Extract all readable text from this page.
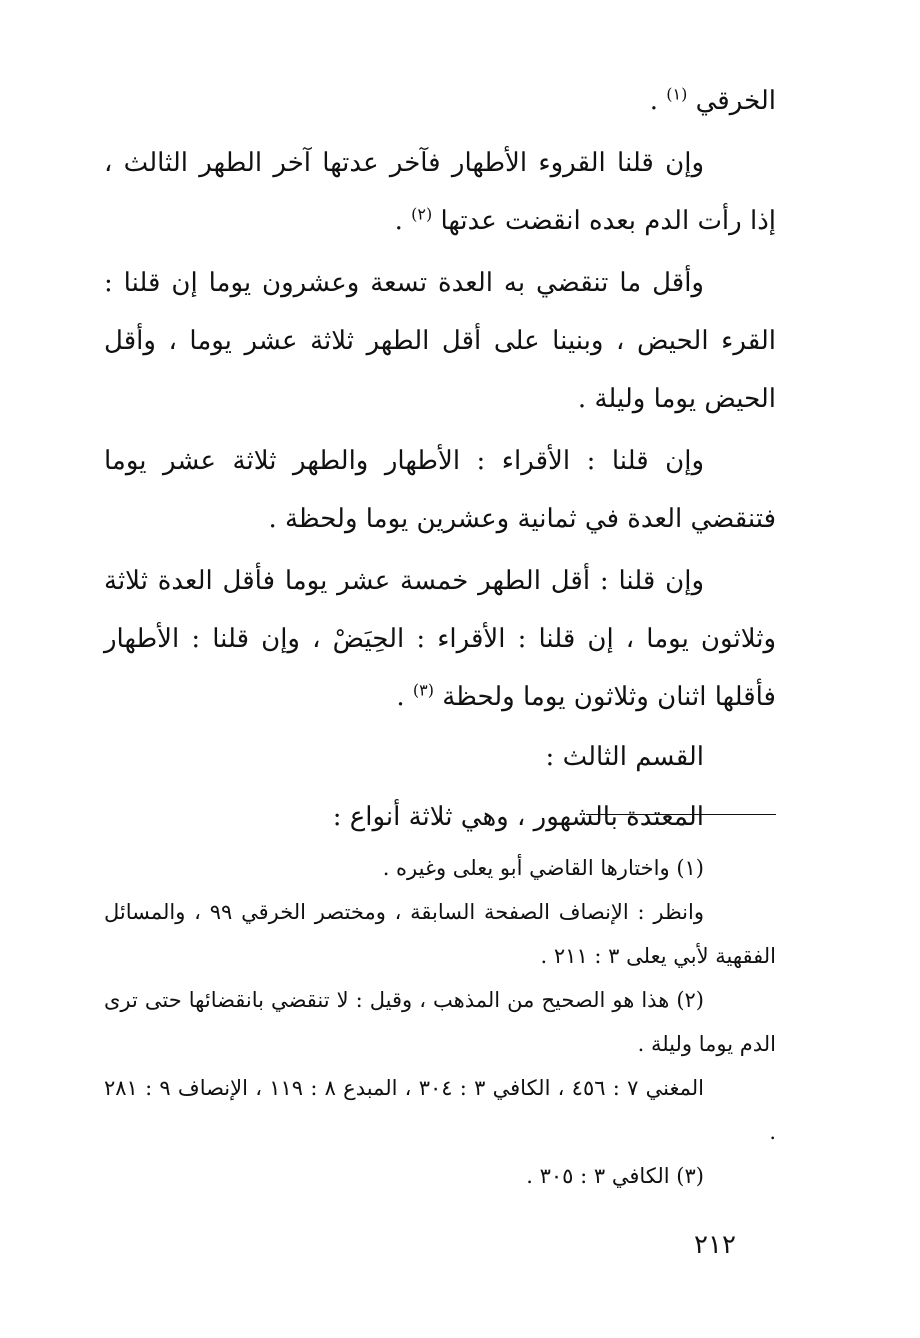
الخرقي $^{(١)}$ .

وإن قلنا القروء الأطهار فآخر عدتها آخر الطهر الثالث ، إذا رأت الدم بعده انقضت عدتها $^{(٢)}$ .

وأقل ما تنقضي به العدة تسعة وعشرون يوما إن قلنا : القرء الحيض ، وبنينا على أقل الطهر ثلاثة عشر يوما ، وأقل الحيض يوما وليلة .

وإن قلنا : الأقراء : الأطهار والطهر ثلاثة عشر يوما فتنقضي العدة في ثمانية وعشرين يوما ولحظة .

وإن قلنا : أقل الطهر خمسة عشر يوما فأقل العدة ثلاثة وثلاثون يوما ، إن قلنا : الأقراء : الحِيَضْ ، وإن قلنا : الأطهار فأقلها اثنان وثلاثون يوما ولحظة $^{(٣)}$ .

القسم الثالث :

المعتدة بالشهور ، وهي ثلاثة أنواع :

(١) واختارها القاضي أبو يعلى وغيره .

وانظر : الإنصاف الصفحة السابقة ، ومختصر الخرقي ٩٩ ، والمسائل الفقهية لأبي يعلى ٣ : ٢١١ .

(٢) هذا هو الصحيح من المذهب ، وقيل : لا تنقضي بانقضائها حتى ترى الدم يوما وليلة .

المغني ٧ : ٤٥٦ ، الكافي ٣ : ٣٠٤ ، المبدع ٨ : ١١٩ ، الإنصاف ٩ : ٢٨١ .

(٣) الكافي ٣ : ٣٠٥ .

٢١٢
